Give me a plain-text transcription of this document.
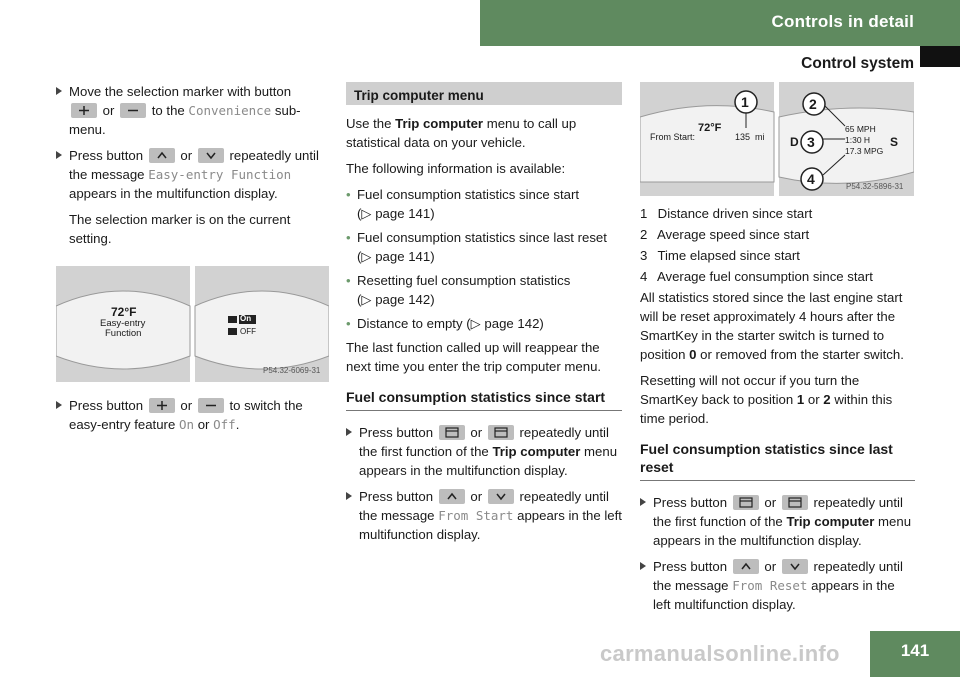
Controls in detail
Control system
Move the selection marker with button

or	to the Convenience sub-menu.
Press button	or	repeatedly until the message Easy-entry Function appears in the multifunction display.
The selection marker is on the current setting.
72°F
Easy-entry
Function
On
OFF
P54.32-6069-31
Press button	or	to switch the easy-entry feature On or Off.
Trip computer menu
Use the Trip computer menu to call up statistical data on your vehicle.
The following information is available:
• Fuel consumption statistics since start
(▷ page 141)
• Fuel consumption statistics since last reset
(▷ page 141)
• Resetting fuel consumption statistics
(▷ page 142)
• Distance to empty (▷ page 142)
The last function called up will reappear the next time you enter the trip computer menu.
Fuel consumption statistics since start
Press button	or	repeatedly until the first function of the Trip computer menu appears in the multifunction display.
Press button	or	repeatedly until the message From Start appears in the left multifunction display.
1	2
3
4
72°F
From Start:	135 mi D
65 MPH
1:30 H
17.3 MPG
S
P54.32-5896-31
1 Distance driven since start
2 Average speed since start
3 Time elapsed since start
4 Average fuel consumption since start
All statistics stored since the last engine start will be reset approximately 4 hours after the SmartKey in the starter switch is turned to position 0 or removed from the starter switch.
Resetting will not occur if you turn the SmartKey back to position 1 or 2 within this time period.
Fuel consumption statistics since last reset
Press button	or	repeatedly until the first function of the Trip computer menu appears in the multifunction display.
Press button	or	repeatedly until the message From Reset appears in the left multifunction display.
carmanualsonline.info	141
